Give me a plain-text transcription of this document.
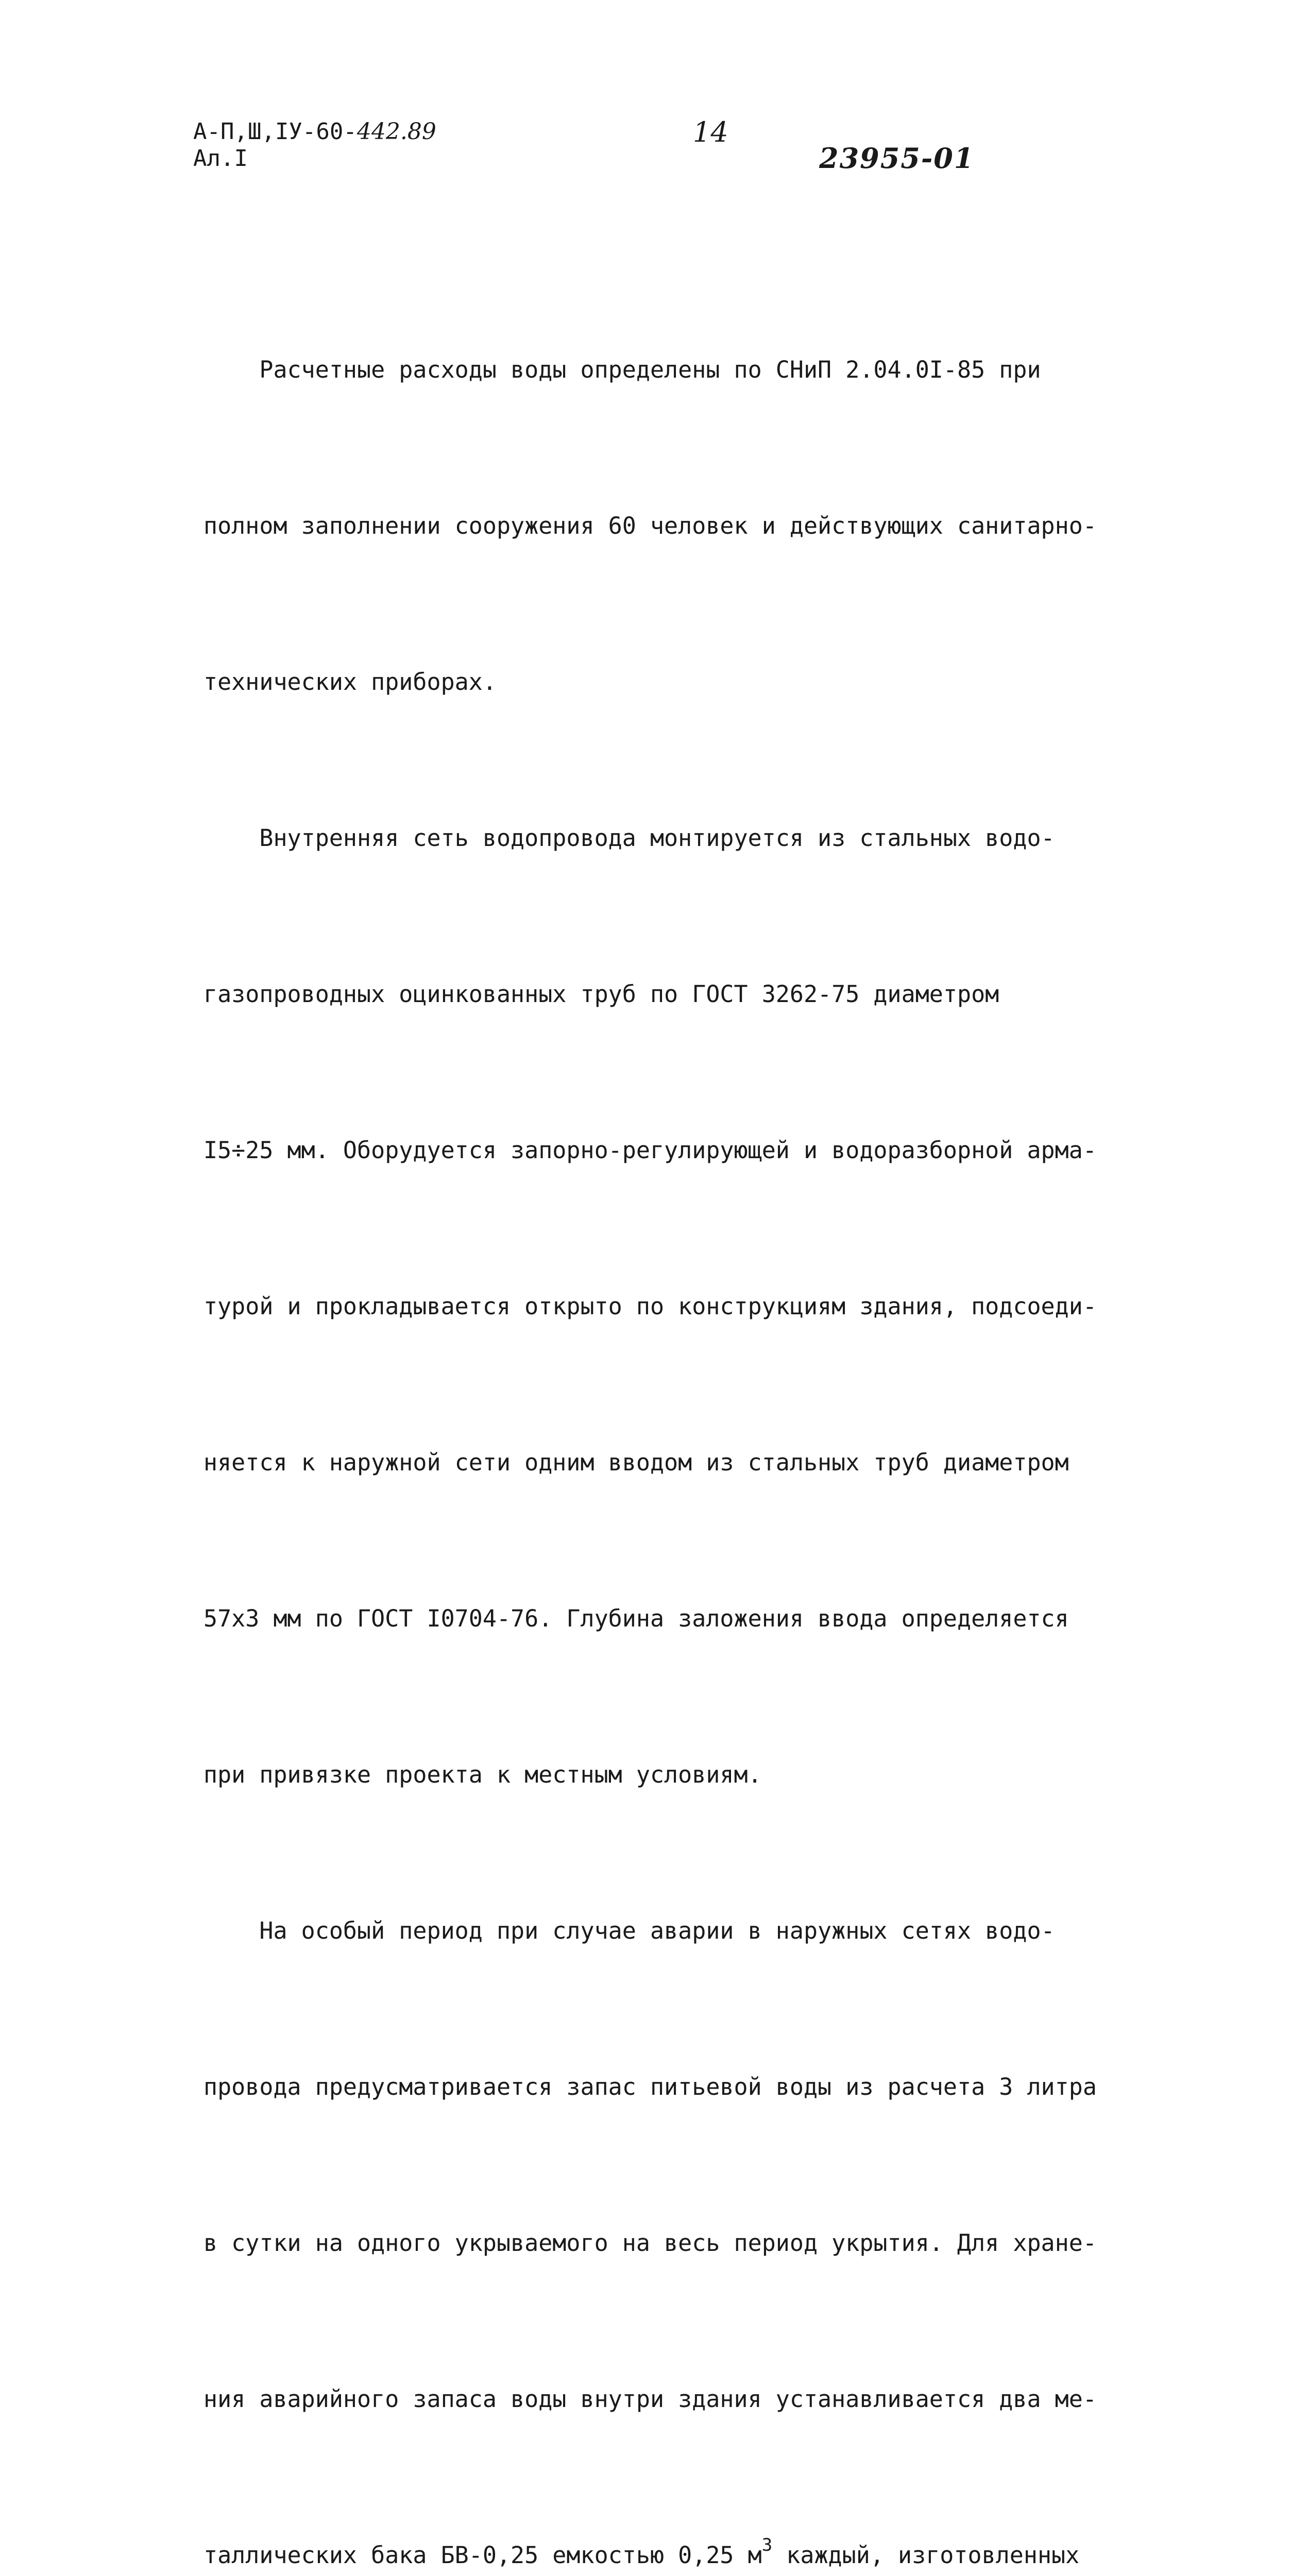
А-П,Ш,IУ-60-442.89
Ал.I
14
23955-01

Расчетные расходы воды определены по СНиП 2.04.0I-85 при

полном заполнении сооружения 60 человек и действующих санитарно-

технических приборах.

Внутренняя сеть водопровода монтируется из стальных водо-

газопроводных оцинкованных труб по ГОСТ 3262-75 диаметром

I5÷25 мм. Оборудуется запорно-регулирующей и водоразборной арма-

турой и прокладывается открыто по конструкциям здания, подсоеди-

няется к наружной сети одним вводом из стальных труб диаметром

57х3 мм по ГОСТ I0704-76. Глубина заложения ввода определяется

при привязке проекта к местным условиям.

На особый период при случае аварии в наружных сетях водо-

провода предусматривается запас питьевой воды из расчета 3 литра

в сутки на одного укрываемого на весь период укрытия. Для хране-

ния аварийного запаса воды внутри здания устанавливается два ме-

таллических бака БВ-0,25 емкостью 0,25 $м^3$ каждый, изготовленных
